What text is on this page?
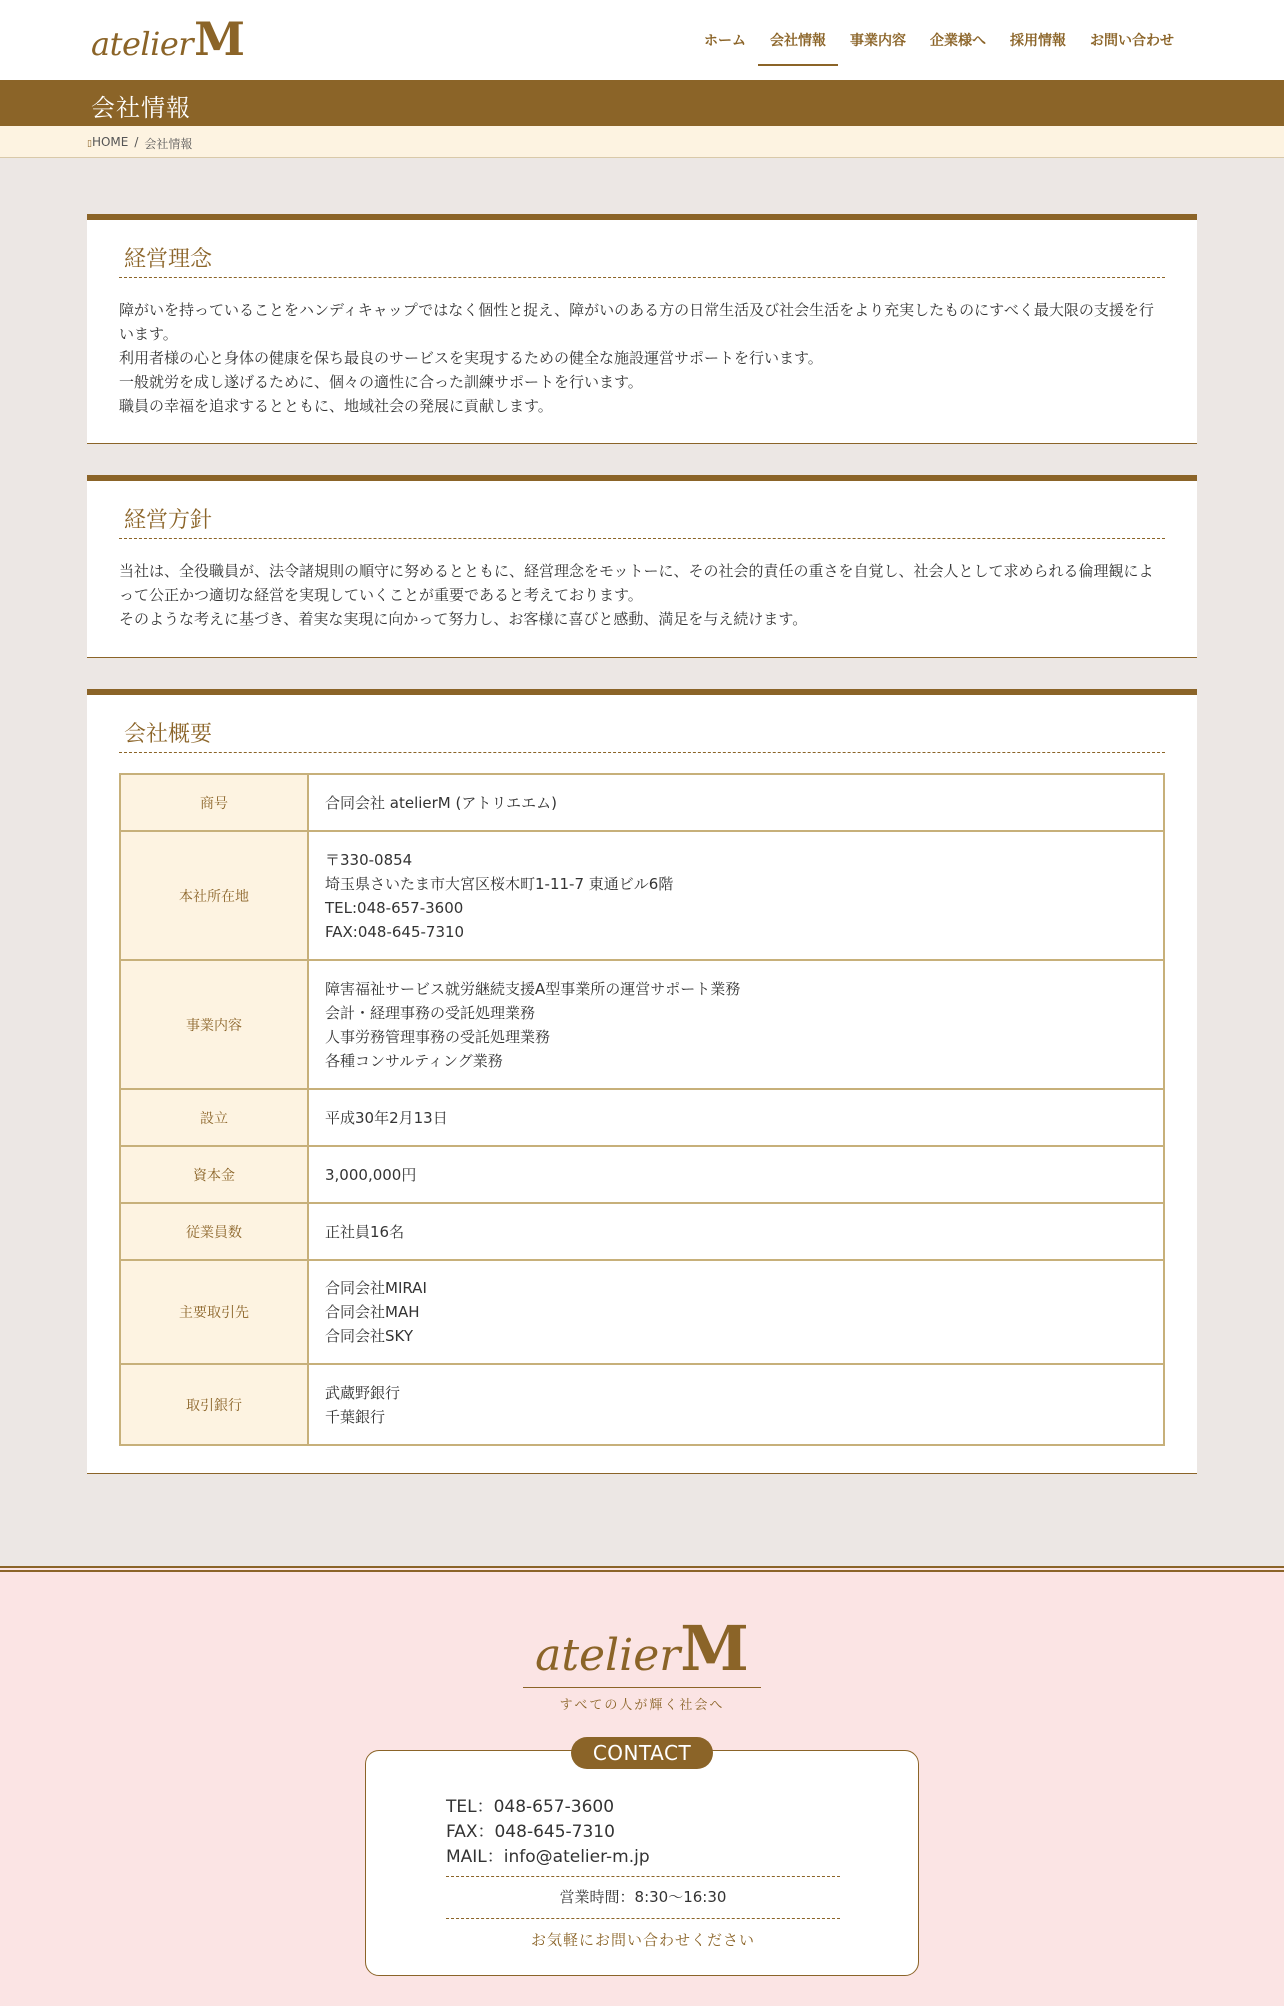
atelier M	ホーム	会社情報	事業内容	企業様へ	採用情報	お問い合わせ
会社情報
▯HOME / 会社情報
経営理念

障がいを持っていることをハンディキャップではなく個性と捉え、障がいのある方の日常生活及び社会生活をより充実したものにすべく最大限の支援を行います。

利用者様の心と身体の健康を保ち最良のサービスを実現するための健全な施設運営サポートを行います。

一般就労を成し遂げるために、個々の適性に合った訓練サポートを行います。

職員の幸福を追求するとともに、地域社会の発展に貢献します。

経営方針

当社は、全役職員が、法令諸規則の順守に努めるとともに、経営理念をモットーに、その社会的責任の重さを自覚し、社会人として求められる倫理観によって公正かつ適切な経営を実現していくことが重要であると考えております。

そのような考えに基づき、着実な実現に向かって努力し、お客様に喜びと感動、満足を与え続けます。

会社概要
商号	合同会社 atelierM (アトリエエム)

本社所在地	〒330-0854
埼玉県さいたま市大宮区桜木町1-11-7 東通ビル6階
TEL:048-657-3600
FAX:048-645-7310

事業内容	障害福祉サービス就労継続支援A型事業所の運営サポート業務
会計・経理事務の受託処理業務
人事労務管理事務の受託処理業務
各種コンサルティング業務

設立	平成30年2月13日

資本金	3,000,000円

従業員数	正社員16名

主要取引先	合同会社MIRAI
合同会社MAH
合同会社SKY

取引銀行	武蔵野銀行
千葉銀行
atelier M
すべての人が輝く社会へ
CONTACT
TEL：048-657-3600
FAX：048-645-7310
MAIL：info@atelier-m.jp
営業時間：8:30〜16:30
お気軽にお問い合わせください
